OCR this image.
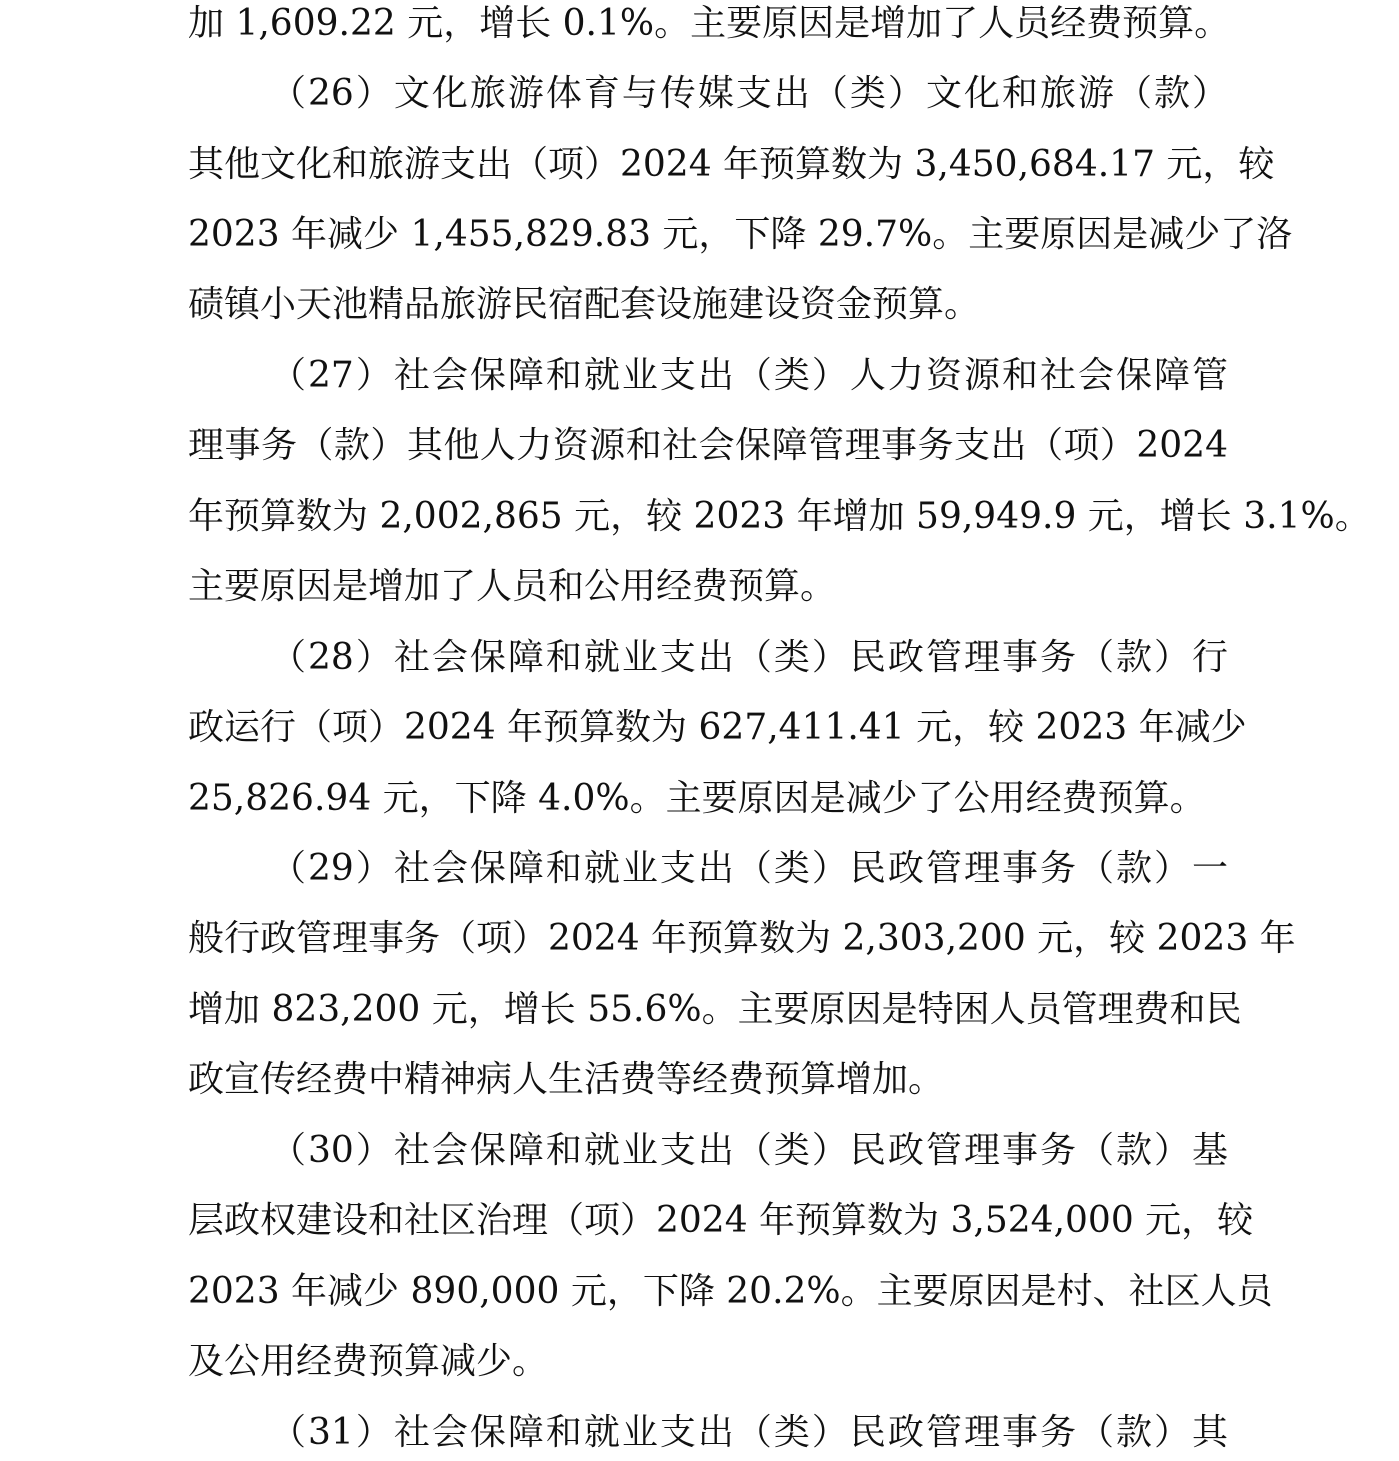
加 1,609.22 元，增长 0.1%。主要原因是增加了人员经费预算。
（26）文化旅游体育与传媒支出（类）文化和旅游（款）
其他文化和旅游支出（项）2024 年预算数为 3,450,684.17 元，较
2023 年减少 1,455,829.83 元，下降 29.7%。主要原因是减少了洛
碛镇小天池精品旅游民宿配套设施建设资金预算。
（27）社会保障和就业支出（类）人力资源和社会保障管
理事务（款）其他人力资源和社会保障管理事务支出（项）2024
年预算数为 2,002,865 元，较 2023 年增加 59,949.9 元，增长 3.1%。
主要原因是增加了人员和公用经费预算。
（28）社会保障和就业支出（类）民政管理事务（款）行
政运行（项）2024 年预算数为 627,411.41 元，较 2023 年减少
25,826.94 元，下降 4.0%。主要原因是减少了公用经费预算。
（29）社会保障和就业支出（类）民政管理事务（款）一
般行政管理事务（项）2024 年预算数为 2,303,200 元，较 2023 年
增加 823,200 元，增长 55.6%。主要原因是特困人员管理费和民
政宣传经费中精神病人生活费等经费预算增加。
（30）社会保障和就业支出（类）民政管理事务（款）基
层政权建设和社区治理（项）2024 年预算数为 3,524,000 元，较
2023 年减少 890,000 元，下降 20.2%。主要原因是村、社区人员
及公用经费预算减少。
（31）社会保障和就业支出（类）民政管理事务（款）其
